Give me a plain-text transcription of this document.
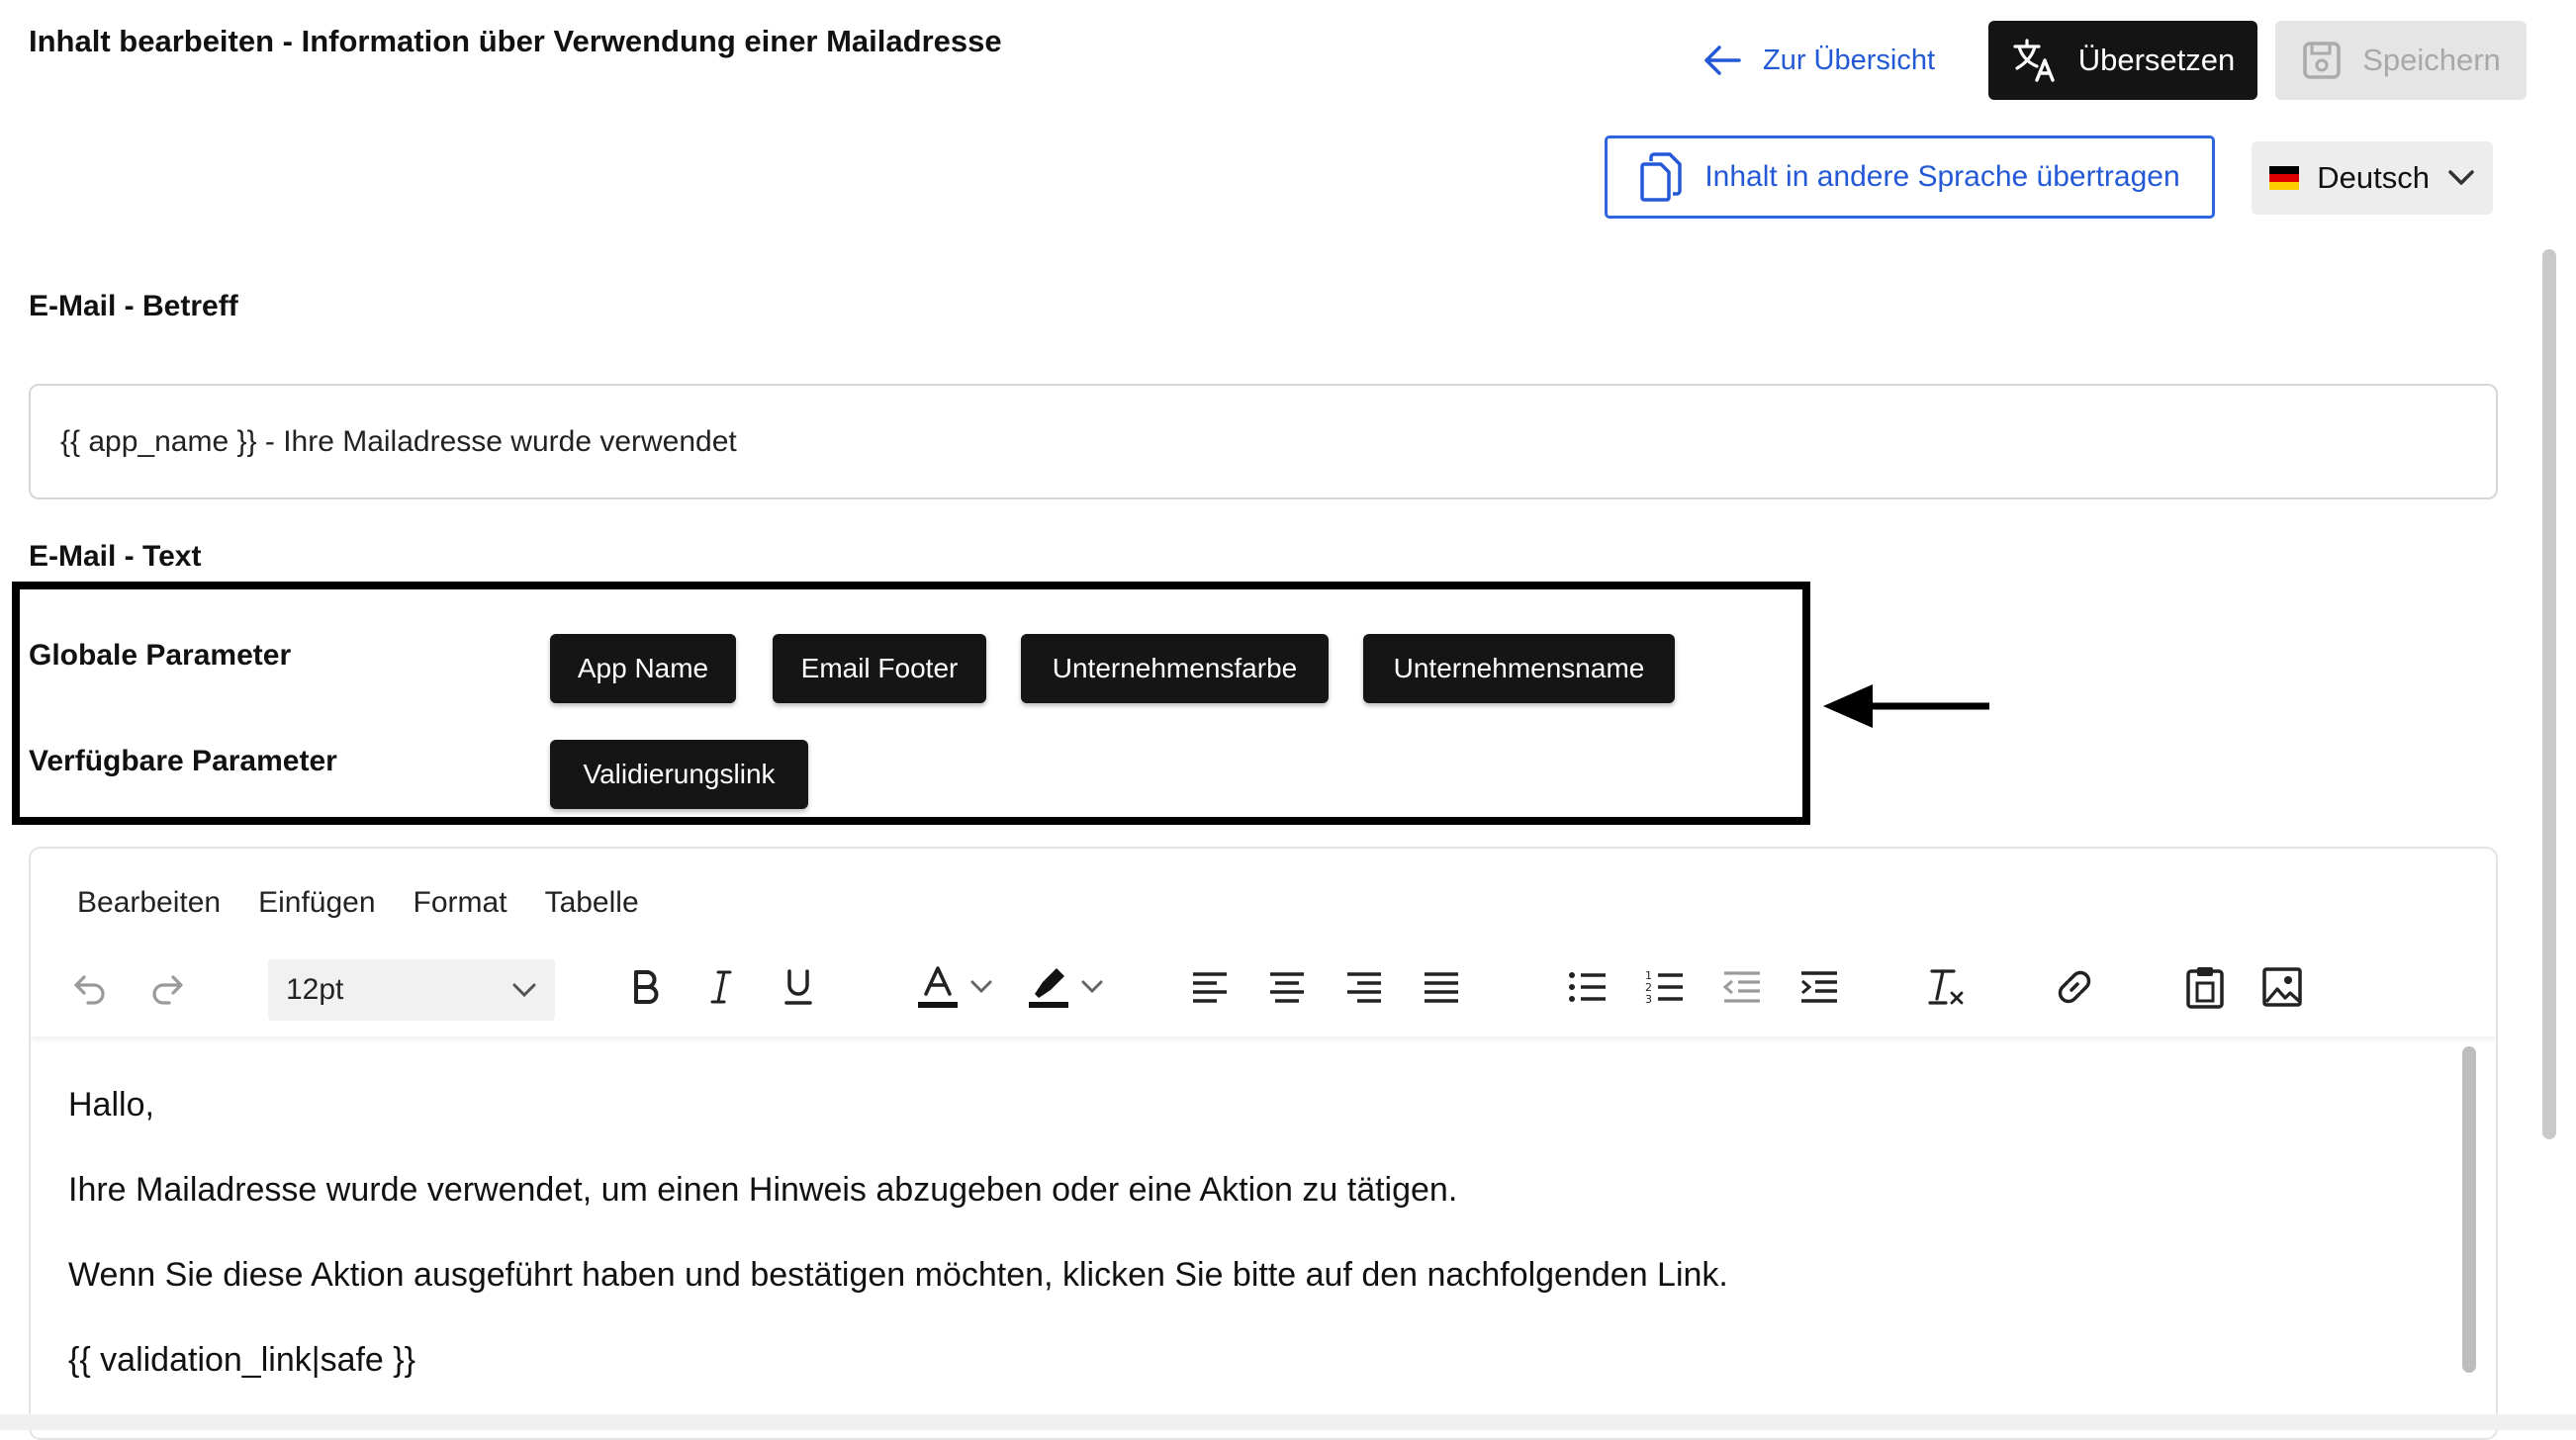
Inhalt bearbeiten - Information über Verwendung einer Mailadresse
Zur Übersicht	Übersetzen	Speichern
Inhalt in andere Sprache übertragen	Deutsch
E-Mail - Betreff
{{ app_name }} - Ihre Mailadresse wurde verwendet
E-Mail - Text
Globale Parameter	App Name	Email Footer	Unternehmensfarbe	Unternehmensname
Verfügbare Parameter	Validierungslink
Bearbeiten Einfügen Format Tabelle
1
2
3
12pt

Hallo,

Ihre Mailadresse wurde verwendet, um einen Hinweis abzugeben oder eine Aktion zu tätigen.

Wenn Sie diese Aktion ausgeführt haben und bestätigen möchten, klicken Sie bitte auf den nachfolgenden Link.

{{ validation_link|safe }}
